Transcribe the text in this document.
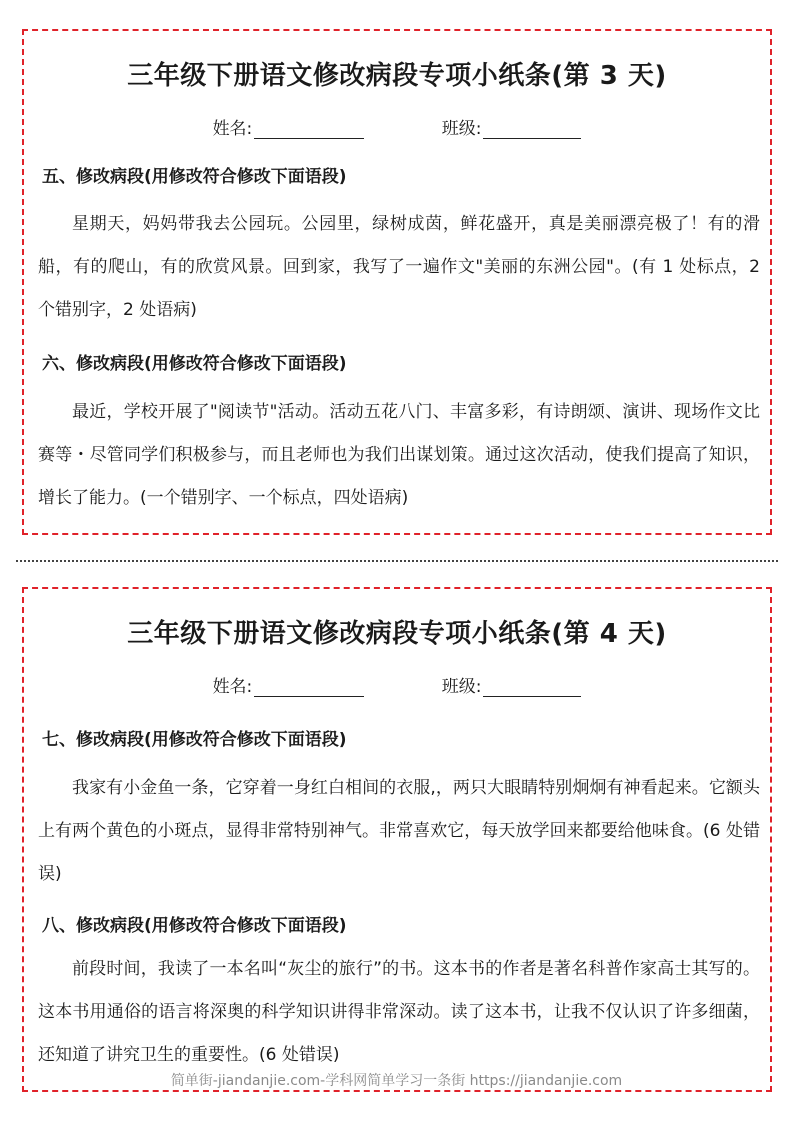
三年级下册语文修改病段专项小纸条(第 3 天)
姓名:	班级:
五、修改病段(用修改符合修改下面语段)
星期天，妈妈带我去公园玩。公园里，绿树成茵，鲜花盛开，真是美丽漂亮极了！有的滑船，有的爬山，有的欣赏风景。回到家，我写了一遍作文"美丽的东洲公园"。(有 1 处标点，2 个错别字，2 处语病)
六、修改病段(用修改符合修改下面语段)
最近，学校开展了"阅读节"活动。活动五花八门、丰富多彩，有诗朗颂、演讲、现场作文比赛等・尽管同学们积极参与，而且老师也为我们出谋划策。通过这次活动，使我们提高了知识，增长了能力。(一个错别字、一个标点，四处语病)
三年级下册语文修改病段专项小纸条(第 4 天)
姓名:	班级:
七、修改病段(用修改符合修改下面语段)
我家有小金鱼一条，它穿着一身红白相间的衣服,，两只大眼睛特别炯炯有神看起来。它额头上有两个黄色的小斑点，显得非常特别神气。非常喜欢它，每天放学回来都要给他味食。(6 处错误)
八、修改病段(用修改符合修改下面语段)
前段时间，我读了一本名叫“灰尘的旅行”的书。这本书的作者是著名科普作家高士其写的。这本书用通俗的语言将深奥的科学知识讲得非常深动。读了这本书，让我不仅认识了许多细菌，还知道了讲究卫生的重要性。(6 处错误)
简单街-jiandanjie.com-学科网简单学习一条街 https://jiandanjie.com
